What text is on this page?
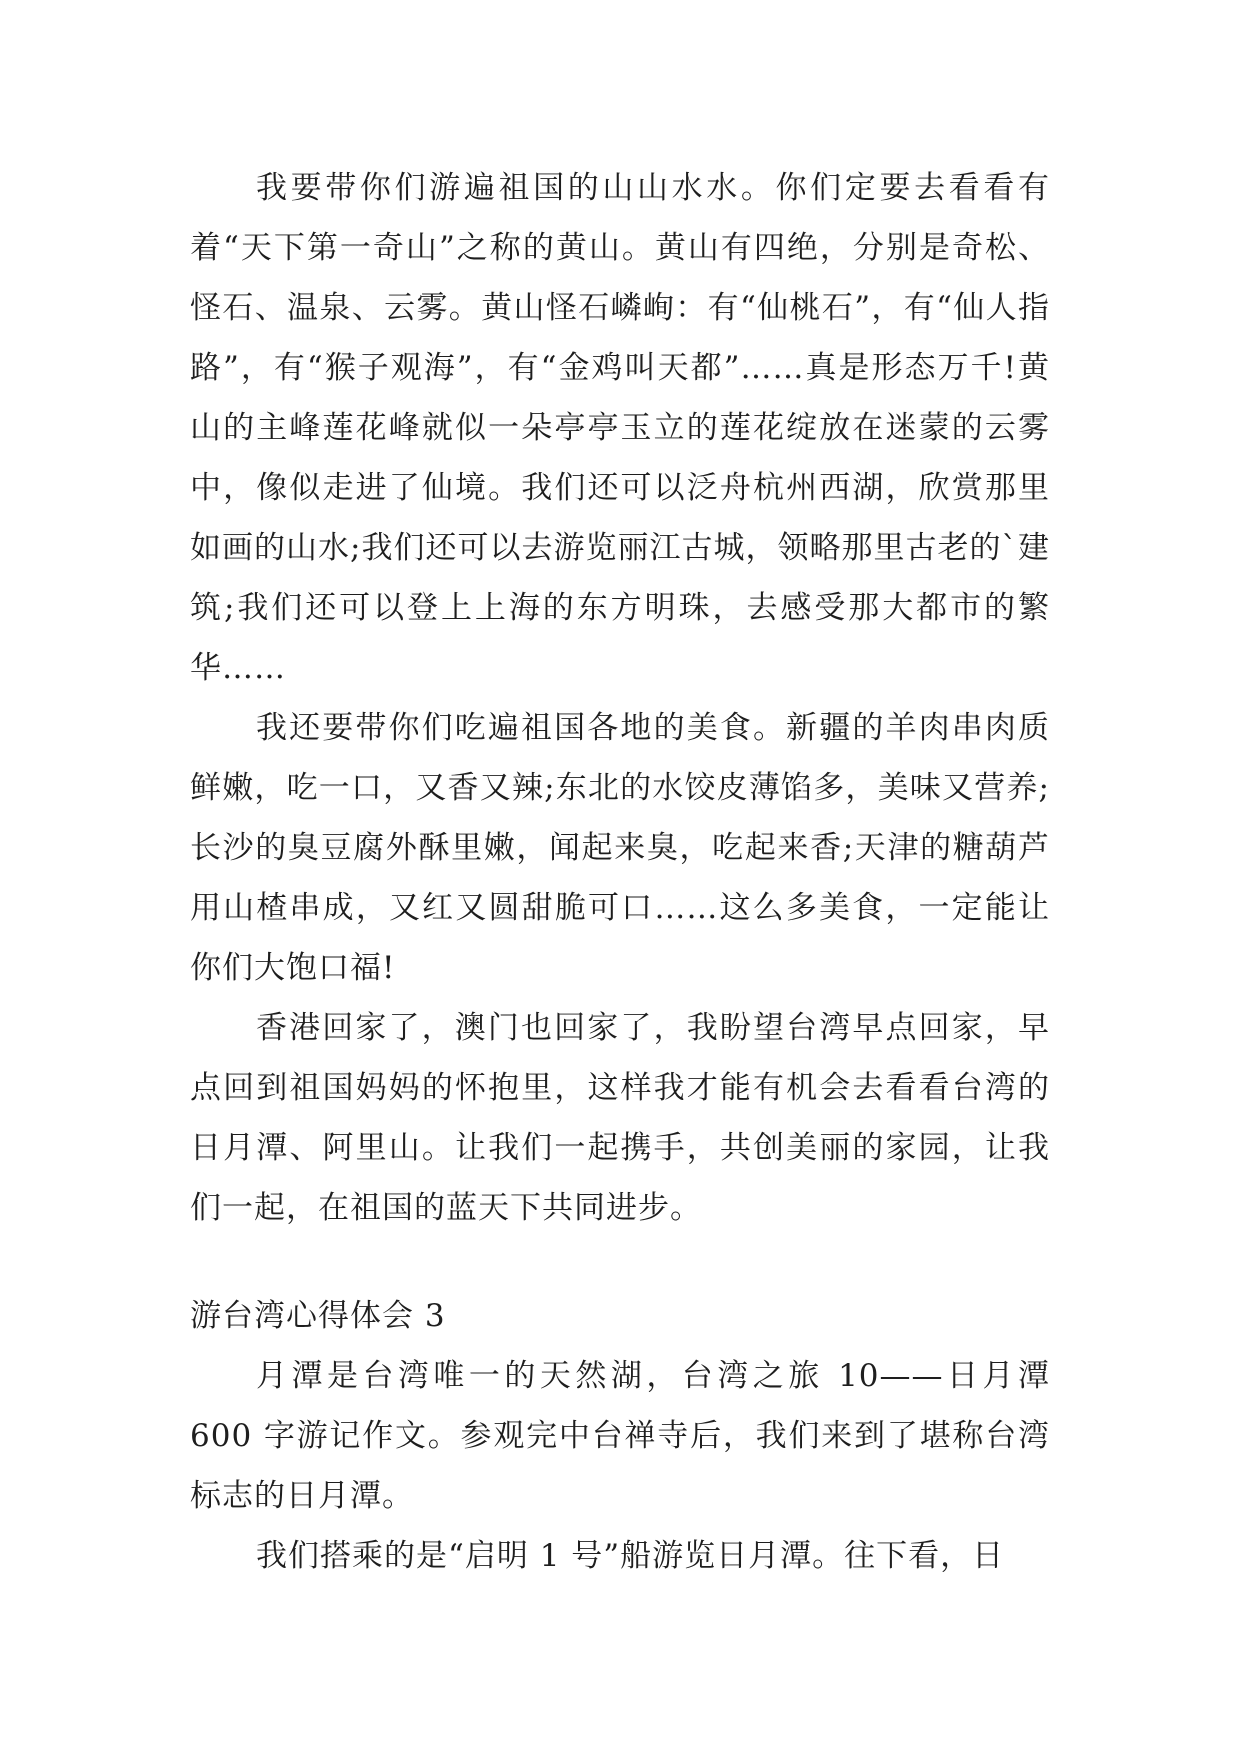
我要带你们游遍祖国的山山水水。你们定要去看看有着“天下第一奇山”之称的黄山。黄山有四绝，分别是奇松、怪石、温泉、云雾。黄山怪石嶙峋：有“仙桃石”，有“仙人指路”，有“猴子观海”，有“金鸡叫天都”……真是形态万千!黄山的主峰莲花峰就似一朵亭亭玉立的莲花绽放在迷蒙的云雾中，像似走进了仙境。我们还可以泛舟杭州西湖，欣赏那里如画的山水;我们还可以去游览丽江古城，领略那里古老的`建筑;我们还可以登上上海的东方明珠，去感受那大都市的繁华……

我还要带你们吃遍祖国各地的美食。新疆的羊肉串肉质鲜嫩，吃一口，又香又辣;东北的水饺皮薄馅多，美味又营养;长沙的臭豆腐外酥里嫩，闻起来臭，吃起来香;天津的糖葫芦用山楂串成，又红又圆甜脆可口……这么多美食，一定能让你们大饱口福!

香港回家了，澳门也回家了，我盼望台湾早点回家，早点回到祖国妈妈的怀抱里，这样我才能有机会去看看台湾的日月潭、阿里山。让我们一起携手，共创美丽的家园，让我们一起，在祖国的蓝天下共同进步。

游台湾心得体会 3

月潭是台湾唯一的天然湖，台湾之旅 10——日月潭 600 字游记作文。参观完中台禅寺后，我们来到了堪称台湾标志的日月潭。

我们搭乘的是“启明 1 号”船游览日月潭。往下看，日
